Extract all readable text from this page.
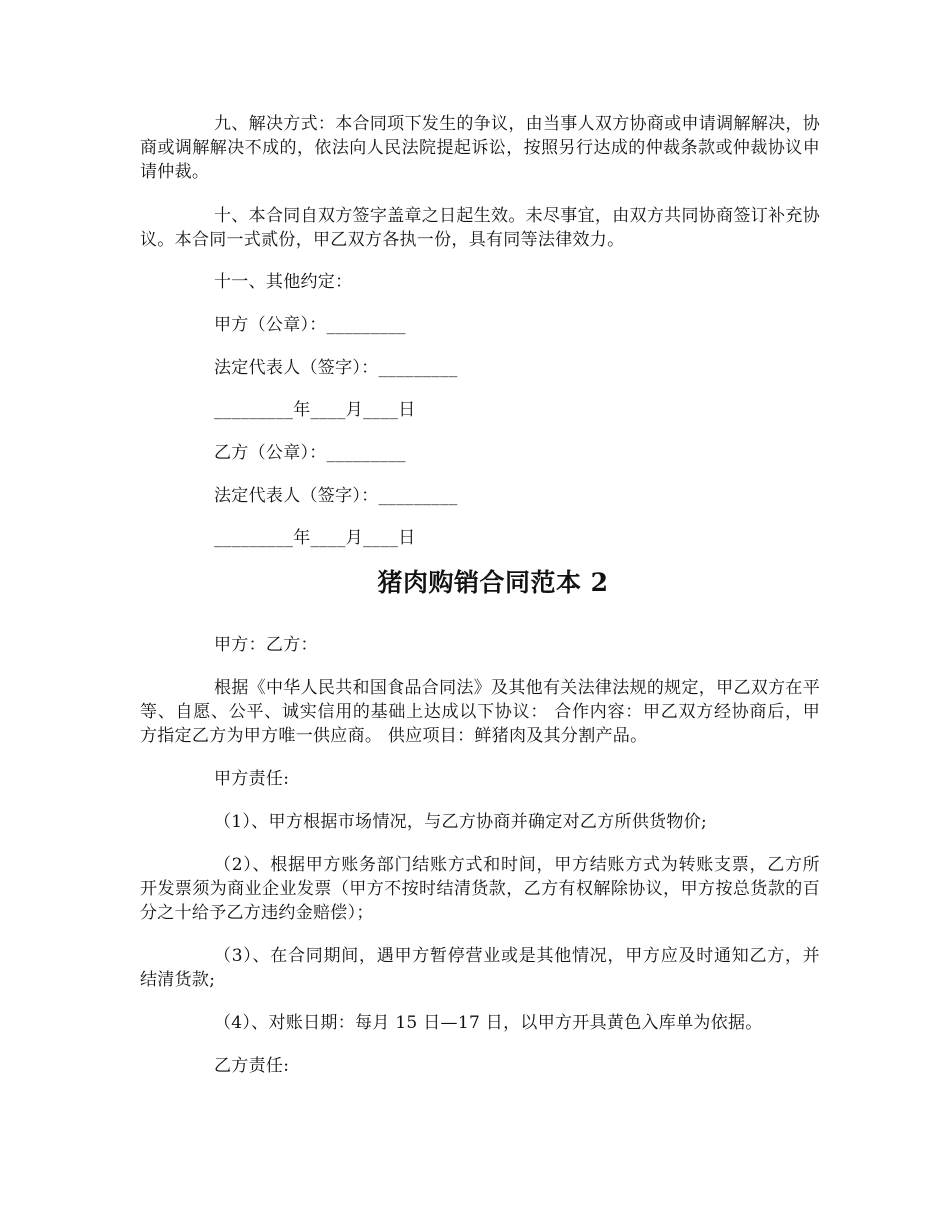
九、解决方式：本合同项下发生的争议，由当事人双方协商或申请调解解决，协商或调解解决不成的，依法向人民法院提起诉讼，按照另行达成的仲裁条款或仲裁协议申请仲裁。

十、本合同自双方签字盖章之日起生效。未尽事宜，由双方共同协商签订补充协议。本合同一式贰份，甲乙双方各执一份，具有同等法律效力。

十一、其他约定：

甲方（公章）：_________

法定代表人（签字）：_________

_________年____月____日

乙方（公章）：_________

法定代表人（签字）：_________

_________年____月____日

猪肉购销合同范本 2

甲方：乙方：

根据《中华人民共和国食品合同法》及其他有关法律法规的规定，甲乙双方在平等、自愿、公平、诚实信用的基础上达成以下协议： 合作内容：甲乙双方经协商后，甲方指定乙方为甲方唯一供应商。 供应项目：鲜猪肉及其分割产品。

甲方责任:

（1）、甲方根据市场情况，与乙方协商并确定对乙方所供货物价;

（2）、根据甲方账务部门结账方式和时间，甲方结账方式为转账支票，乙方所开发票须为商业企业发票（甲方不按时结清货款，乙方有权解除协议，甲方按总货款的百分之十给予乙方违约金赔偿）；

（3）、在合同期间，遇甲方暂停营业或是其他情况，甲方应及时通知乙方，并结清货款;

（4）、对账日期：每月 15 日—17 日，以甲方开具黄色入库单为依据。

乙方责任:
